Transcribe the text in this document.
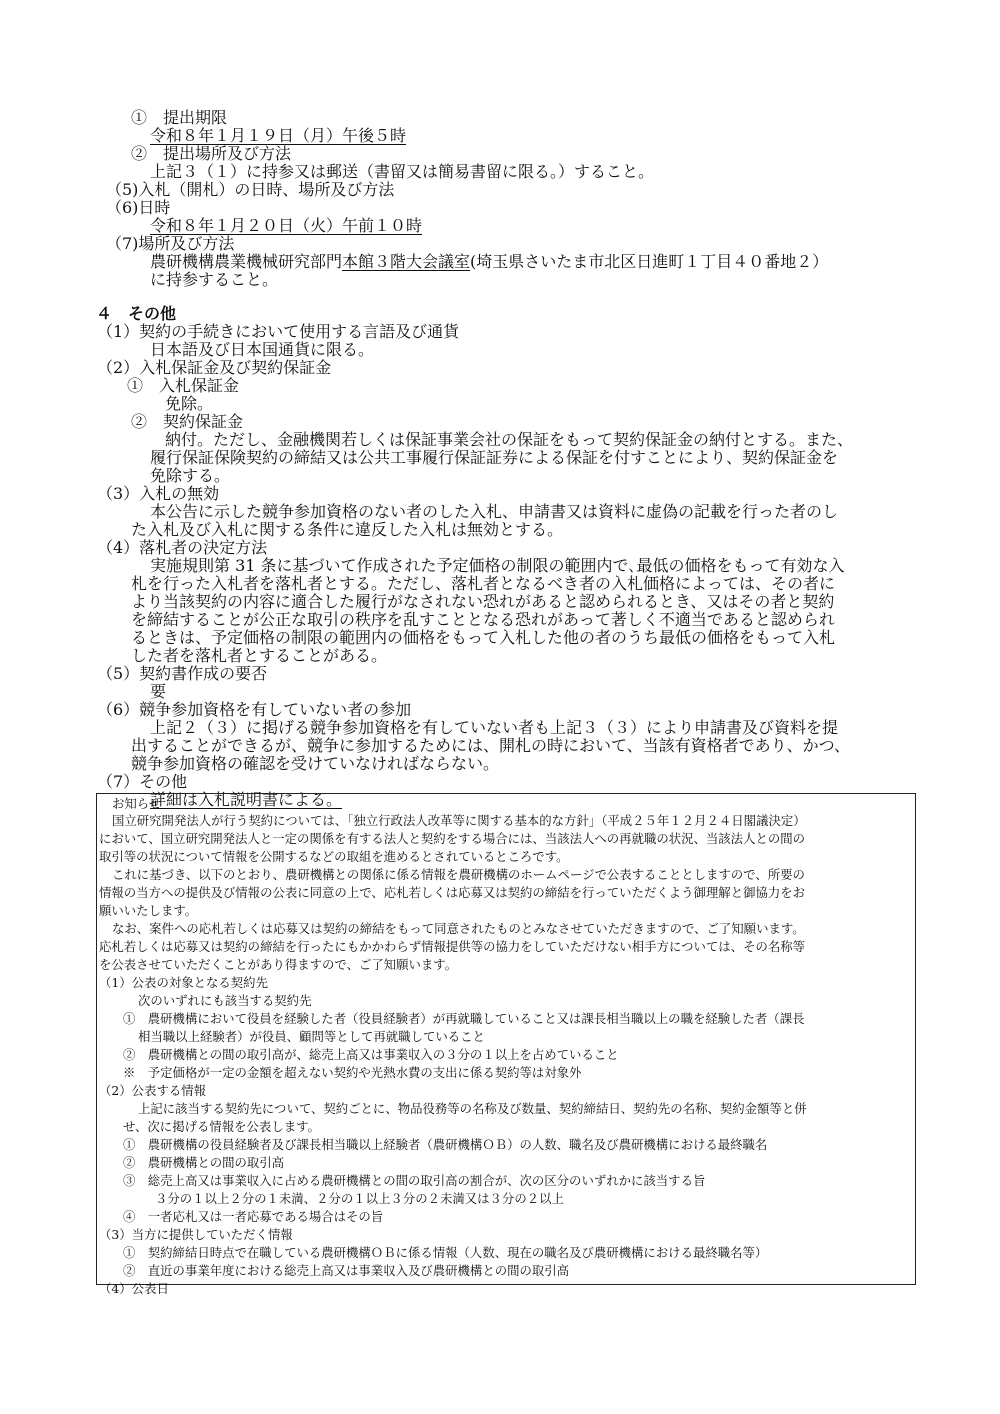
①　提出期限
令和８年１月１９日（月）午後５時
②　提出場所及び方法
上記３（１）に持参又は郵送（書留又は簡易書留に限る。）すること。
（5)入札（開札）の日時、場所及び方法
（6)日時
令和８年１月２０日（火）午前１０時
（7)場所及び方法
農研機構農業機械研究部門本館３階大会議室(埼玉県さいたま市北区日進町１丁目４０番地２）
に持参すること。
４　その他
（1）契約の手続きにおいて使用する言語及び通貨
日本語及び日本国通貨に限る。
（2）入札保証金及び契約保証金
①　入札保証金
免除。
②　契約保証金
納付。ただし、金融機関若しくは保証事業会社の保証をもって契約保証金の納付とする。また、
履行保証保険契約の締結又は公共工事履行保証証券による保証を付すことにより、契約保証金を
免除する。
（3）入札の無効
本公告に示した競争参加資格のない者のした入札、申請書又は資料に虚偽の記載を行った者のし
た入札及び入札に関する条件に違反した入札は無効とする。
（4）落札者の決定方法
実施規則第 31 条に基づいて作成された予定価格の制限の範囲内で､最低の価格をもって有効な入
札を行った入札者を落札者とする。ただし、落札者となるべき者の入札価格によっては、その者に
より当該契約の内容に適合した履行がなされない恐れがあると認められるとき、又はその者と契約
を締結することが公正な取引の秩序を乱すこととなる恐れがあって著しく不適当であると認められ
るときは、予定価格の制限の範囲内の価格をもって入札した他の者のうち最低の価格をもって入札
した者を落札者とすることがある。
（5）契約書作成の要否
要
（6）競争参加資格を有していない者の参加
上記２（３）に掲げる競争参加資格を有していない者も上記３（３）により申請書及び資料を提
出することができるが、競争に参加するためには、開札の時において、当該有資格者であり、かつ、
競争参加資格の確認を受けていなければならない。
（7）その他
詳細は入札説明書による。
お知らせ
国立研究開発法人が行う契約については、「独立行政法人改革等に関する基本的な方針」（平成２５年１２月２４日閣議決定）
において、国立研究開発法人と一定の関係を有する法人と契約をする場合には、当該法人への再就職の状況、当該法人との間の
取引等の状況について情報を公開するなどの取組を進めるとされているところです。
これに基づき、以下のとおり、農研機構との関係に係る情報を農研機構のホームページで公表することとしますので、所要の
情報の当方への提供及び情報の公表に同意の上で、応札若しくは応募又は契約の締結を行っていただくよう御理解と御協力をお
願いいたします。
なお、案件への応札若しくは応募又は契約の締結をもって同意されたものとみなさせていただきますので、ご了知願います。
応札若しくは応募又は契約の締結を行ったにもかかわらず情報提供等の協力をしていただけない相手方については、その名称等
を公表させていただくことがあり得ますので、ご了知願います。
（1）公表の対象となる契約先
次のいずれにも該当する契約先
①　農研機構において役員を経験した者（役員経験者）が再就職していること又は課長相当職以上の職を経験した者（課長
相当職以上経験者）が役員、顧問等として再就職していること
②　農研機構との間の取引高が、総売上高又は事業収入の３分の１以上を占めていること
※　予定価格が一定の金額を超えない契約や光熱水費の支出に係る契約等は対象外
（2）公表する情報
上記に該当する契約先について、契約ごとに、物品役務等の名称及び数量、契約締結日、契約先の名称、契約金額等と併
せ、次に掲げる情報を公表します。
①　農研機構の役員経験者及び課長相当職以上経験者（農研機構ＯＢ）の人数、職名及び農研機構における最終職名
②　農研機構との間の取引高
③　総売上高又は事業収入に占める農研機構との間の取引高の割合が、次の区分のいずれかに該当する旨
３分の１以上２分の１未満、２分の１以上３分の２未満又は３分の２以上
④　一者応札又は一者応募である場合はその旨
（3）当方に提供していただく情報
①　契約締結日時点で在職している農研機構ＯＢに係る情報（人数、現在の職名及び農研機構における最終職名等）
②　直近の事業年度における総売上高又は事業収入及び農研機構との間の取引高
（4）公表日
